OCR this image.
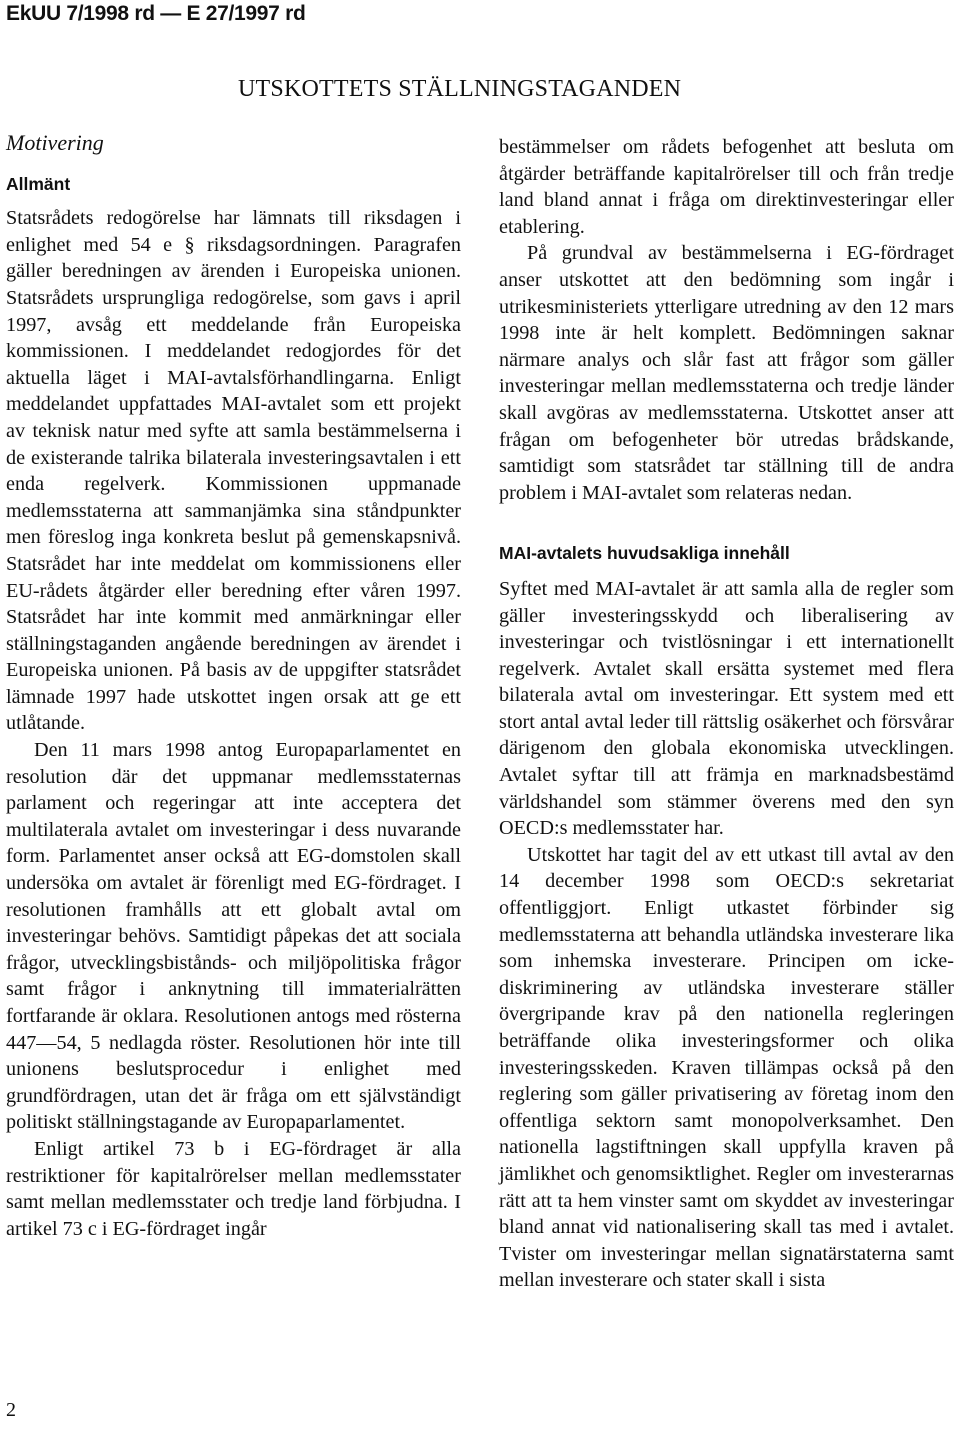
EkUU 7/1998 rd — E 27/1997 rd

UTSKOTTETS STÄLLNINGSTAGANDEN
Motivering
Allmänt

Statsrådets redogörelse har lämnats till riksdagen i enlighet med 54 e § riksdagsordningen. Paragrafen gäller beredningen av ärenden i Europeiska unionen. Statsrådets ursprungliga redogörelse, som gavs i april 1997, avsåg ett meddelande från Europeiska kommissionen. I meddelandet redogjordes för det aktuella läget i MAI-avtalsförhandlingarna. Enligt meddelandet uppfattades MAI-avtalet som ett projekt av teknisk natur med syfte att samla bestämmelserna i de existerande talrika bilaterala investeringsavtalen i ett enda regelverk. Kommissionen uppmanade medlemsstaterna att sammanjämka sina ståndpunkter men föreslog inga konkreta beslut på gemenskapsnivå. Statsrådet har inte meddelat om kommissionens eller EU-rådets åtgärder eller beredning efter våren 1997. Statsrådet har inte kommit med anmärkningar eller ställningstaganden angående beredningen av ärendet i Europeiska unionen. På basis av de uppgifter statsrådet lämnade 1997 hade utskottet ingen orsak att ge ett utlåtande.

Den 11 mars 1998 antog Europaparlamentet en resolution där det uppmanar medlemsstaternas parlament och regeringar att inte acceptera det multilaterala avtalet om investeringar i dess nuvarande form. Parlamentet anser också att EG-domstolen skall undersöka om avtalet är förenligt med EG-fördraget. I resolutionen framhålls att ett globalt avtal om investeringar behövs. Samtidigt påpekas det att sociala frågor, utvecklingsbistånds- och miljöpolitiska frågor samt frågor i anknytning till immaterialrätten fortfarande är oklara. Resolutionen antogs med rösterna 447—54, 5 nedlagda röster. Resolutionen hör inte till unionens beslutsprocedur i enlighet med grundfördragen, utan det är fråga om ett självständigt politiskt ställningstagande av Europaparlamentet.

Enligt artikel 73 b i EG-fördraget är alla restriktioner för kapitalrörelser mellan medlemsstater samt mellan medlemsstater och tredje land förbjudna. I artikel 73 c i EG-fördraget ingår

bestämmelser om rådets befogenhet att besluta om åtgärder beträffande kapitalrörelser till och från tredje land bland annat i fråga om direktinvesteringar eller etablering.

På grundval av bestämmelserna i EG-fördraget anser utskottet att den bedömning som ingår i utrikesministeriets ytterligare utredning av den 12 mars 1998 inte är helt komplett. Bedömningen saknar närmare analys och slår fast att frågor som gäller investeringar mellan medlemsstaterna och tredje länder skall avgöras av medlemsstaterna. Utskottet anser att frågan om befogenheter bör utredas brådskande, samtidigt som statsrådet tar ställning till de andra problem i MAI-avtalet som relateras nedan.

MAI-avtalets huvudsakliga innehåll

Syftet med MAI-avtalet är att samla alla de regler som gäller investeringsskydd och liberalisering av investeringar och tvistlösningar i ett internationellt regelverk. Avtalet skall ersätta systemet med flera bilaterala avtal om investeringar. Ett system med ett stort antal avtal leder till rättslig osäkerhet och försvårar därigenom den globala ekonomiska utvecklingen. Avtalet syftar till att främja en marknadsbestämd världshandel som stämmer överens med den syn OECD:s medlemsstater har.

Utskottet har tagit del av ett utkast till avtal av den 14 december 1998 som OECD:s sekretariat offentliggjort. Enligt utkastet förbinder sig medlemsstaterna att behandla utländska investerare lika som inhemska investerare. Principen om icke-diskriminering av utländska investerare ställer övergripande krav på den nationella regleringen beträffande olika investeringsformer och olika investeringsskeden. Kraven tillämpas också på den reglering som gäller privatisering av företag inom den offentliga sektorn samt monopolverksamhet. Den nationella lagstiftningen skall uppfylla kraven på jämlikhet och genomsiktlighet. Regler om investerarnas rätt att ta hem vinster samt om skyddet av investeringar bland annat vid nationalisering skall tas med i avtalet. Tvister om investeringar mellan signatärstaterna samt mellan investerare och stater skall i sista

2
